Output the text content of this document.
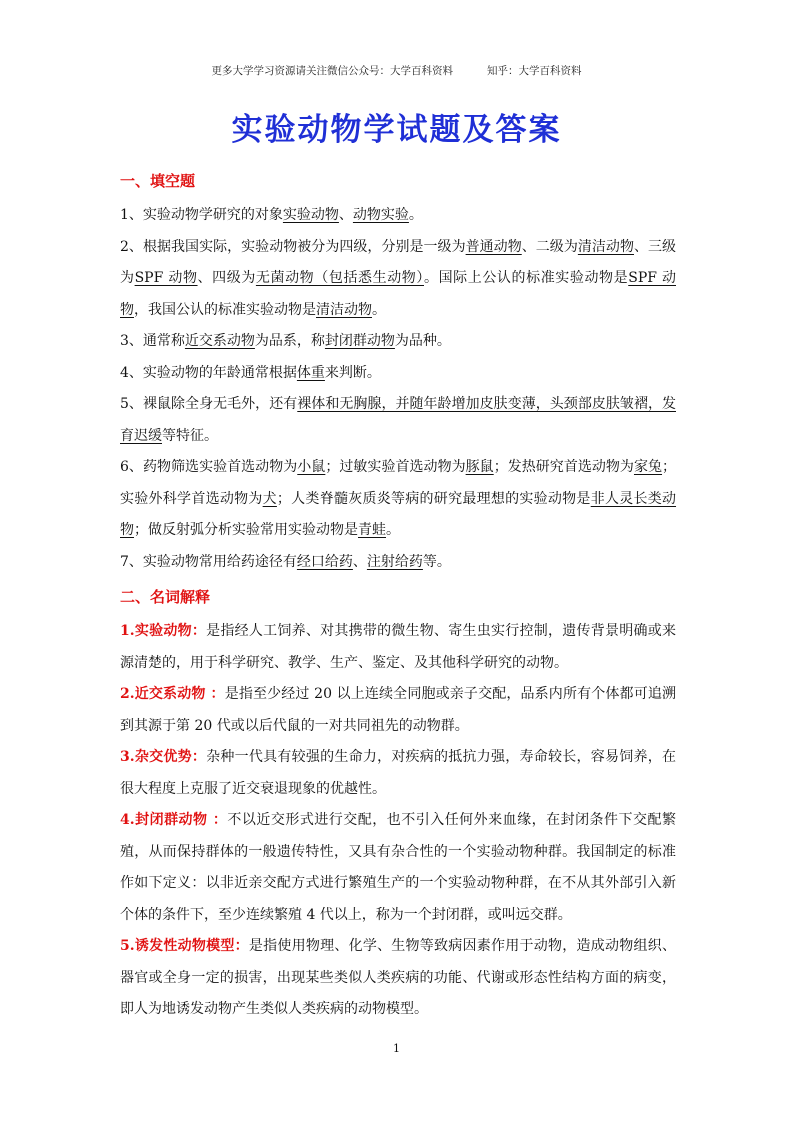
更多大学学习资源请关注微信公众号：大学百科资料	知乎：大学百科资料
实验动物学试题及答案
一、填空题
1、实验动物学研究的对象实验动物、动物实验。
2、根据我国实际，实验动物被分为四级，分别是一级为普通动物、二级为清洁动物、三级为SPF 动物、四级为无菌动物（包括悉生动物）。国际上公认的标准实验动物是SPF 动物，我国公认的标准实验动物是清洁动物。
3、通常称近交系动物为品系，称封闭群动物为品种。
4、实验动物的年龄通常根据体重来判断。
5、裸鼠除全身无毛外，还有裸体和无胸腺，并随年龄增加皮肤变薄，头颈部皮肤皱褶，发育迟缓等特征。
6、药物筛选实验首选动物为小鼠；过敏实验首选动物为豚鼠；发热研究首选动物为家兔；实验外科学首选动物为犬；人类脊髓灰质炎等病的研究最理想的实验动物是非人灵长类动物；做反射弧分析实验常用实验动物是青蛙。
7、实验动物常用给药途径有经口给药、注射给药等。
二、名词解释
1.实验动物：是指经人工饲养、对其携带的微生物、寄生虫实行控制，遗传背景明确或来源清楚的，用于科学研究、教学、生产、鉴定、及其他科学研究的动物。
2.近交系动物 ：是指至少经过 20 以上连续全同胞或亲子交配，品系内所有个体都可追溯到其源于第 20 代或以后代鼠的一对共同祖先的动物群。
3.杂交优势：杂种一代具有较强的生命力，对疾病的抵抗力强，寿命较长，容易饲养，在很大程度上克服了近交衰退现象的优越性。
4.封闭群动物 ：不以近交形式进行交配，也不引入任何外来血缘，在封闭条件下交配繁殖，从而保持群体的一般遗传特性，又具有杂合性的一个实验动物种群。我国制定的标准作如下定义：以非近亲交配方式进行繁殖生产的一个实验动物种群，在不从其外部引入新个体的条件下，至少连续繁殖 4 代以上，称为一个封闭群，或叫远交群。
5.诱发性动物模型：是指使用物理、化学、生物等致病因素作用于动物，造成动物组织、器官或全身一定的损害，出现某些类似人类疾病的功能、代谢或形态性结构方面的病变，即人为地诱发动物产生类似人类疾病的动物模型。
1
